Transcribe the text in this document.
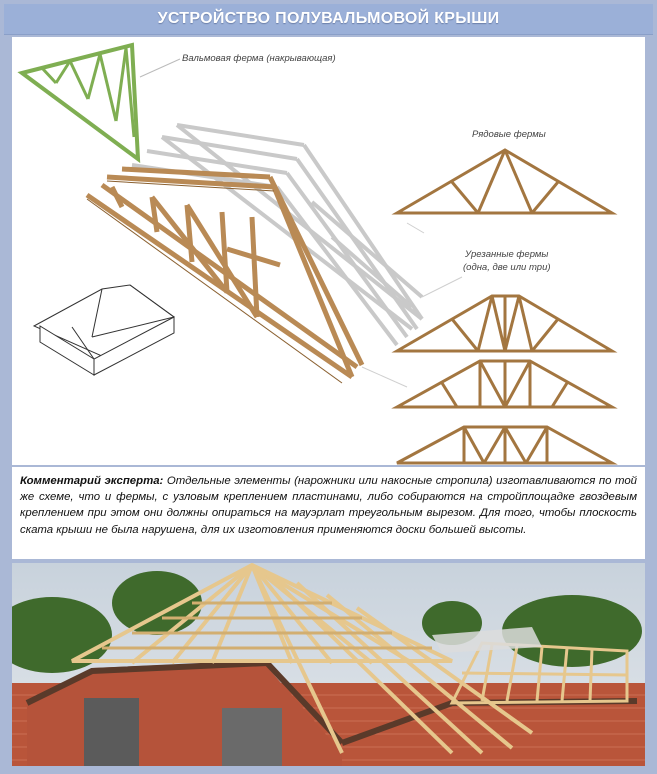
УСТРОЙСТВО ПОЛУВАЛЬМОВОЙ КРЫШИ
Вальмовая ферма (накрывающая)
Рядовые фермы
Урезанные фермы
(одна, две или три)
Комментарий эксперта: Отдельные элементы (нарожники или накосные стропила) изготавливаются по той же схеме, что и фермы, с узловым креплением пластинами, либо собираются на стройплощадке гвоздевым креплением при этом они должны опираться на мауэрлат треугольным вырезом. Для того, чтобы плоскость ската крыши не была нарушена, для их изготовления применяются доски большей высоты.
